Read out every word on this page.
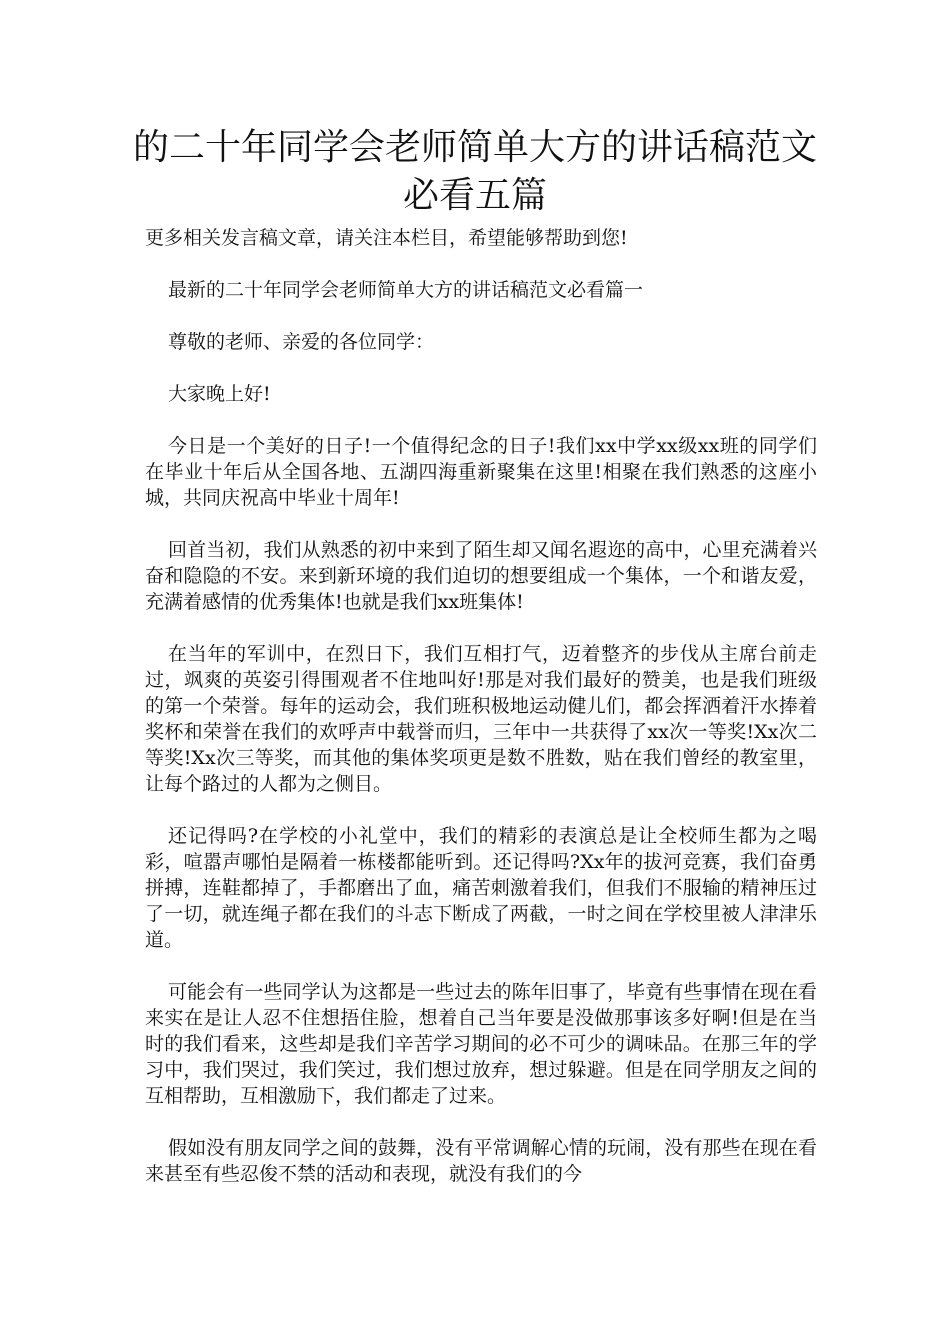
的二十年同学会老师简单大方的讲话稿范文必看五篇

更多相关发言稿文章，请关注本栏目，希望能够帮助到您!

最新的二十年同学会老师简单大方的讲话稿范文必看篇一

尊敬的老师、亲爱的各位同学：

大家晚上好!

今日是一个美好的日子!一个值得纪念的日子!我们xx中学xx级xx班的同学们在毕业十年后从全国各地、五湖四海重新聚集在这里!相聚在我们熟悉的这座小城，共同庆祝高中毕业十周年!

回首当初，我们从熟悉的初中来到了陌生却又闻名遐迩的高中，心里充满着兴奋和隐隐的不安。来到新环境的我们迫切的想要组成一个集体，一个和谐友爱，充满着感情的优秀集体!也就是我们xx班集体!

在当年的军训中，在烈日下，我们互相打气，迈着整齐的步伐从主席台前走过，飒爽的英姿引得围观者不住地叫好!那是对我们最好的赞美，也是我们班级的第一个荣誉。每年的运动会，我们班积极地运动健儿们，都会挥洒着汗水捧着奖杯和荣誉在我们的欢呼声中载誉而归，三年中一共获得了xx次一等奖!Xx次二等奖!Xx次三等奖，而其他的集体奖项更是数不胜数，贴在我们曾经的教室里，让每个路过的人都为之侧目。

还记得吗?在学校的小礼堂中，我们的精彩的表演总是让全校师生都为之喝彩，喧嚣声哪怕是隔着一栋楼都能听到。还记得吗?Xx年的拔河竞赛，我们奋勇拼搏，连鞋都掉了，手都磨出了血，痛苦刺激着我们，但我们不服输的精神压过了一切，就连绳子都在我们的斗志下断成了两截，一时之间在学校里被人津津乐道。

可能会有一些同学认为这都是一些过去的陈年旧事了，毕竟有些事情在现在看来实在是让人忍不住想捂住脸，想着自己当年要是没做那事该多好啊!但是在当时的我们看来，这些却是我们辛苦学习期间的必不可少的调味品。在那三年的学习中，我们哭过，我们笑过，我们想过放弃，想过躲避。但是在同学朋友之间的互相帮助，互相激励下，我们都走了过来。

假如没有朋友同学之间的鼓舞，没有平常调解心情的玩闹，没有那些在现在看来甚至有些忍俊不禁的活动和表现，就没有我们的今
